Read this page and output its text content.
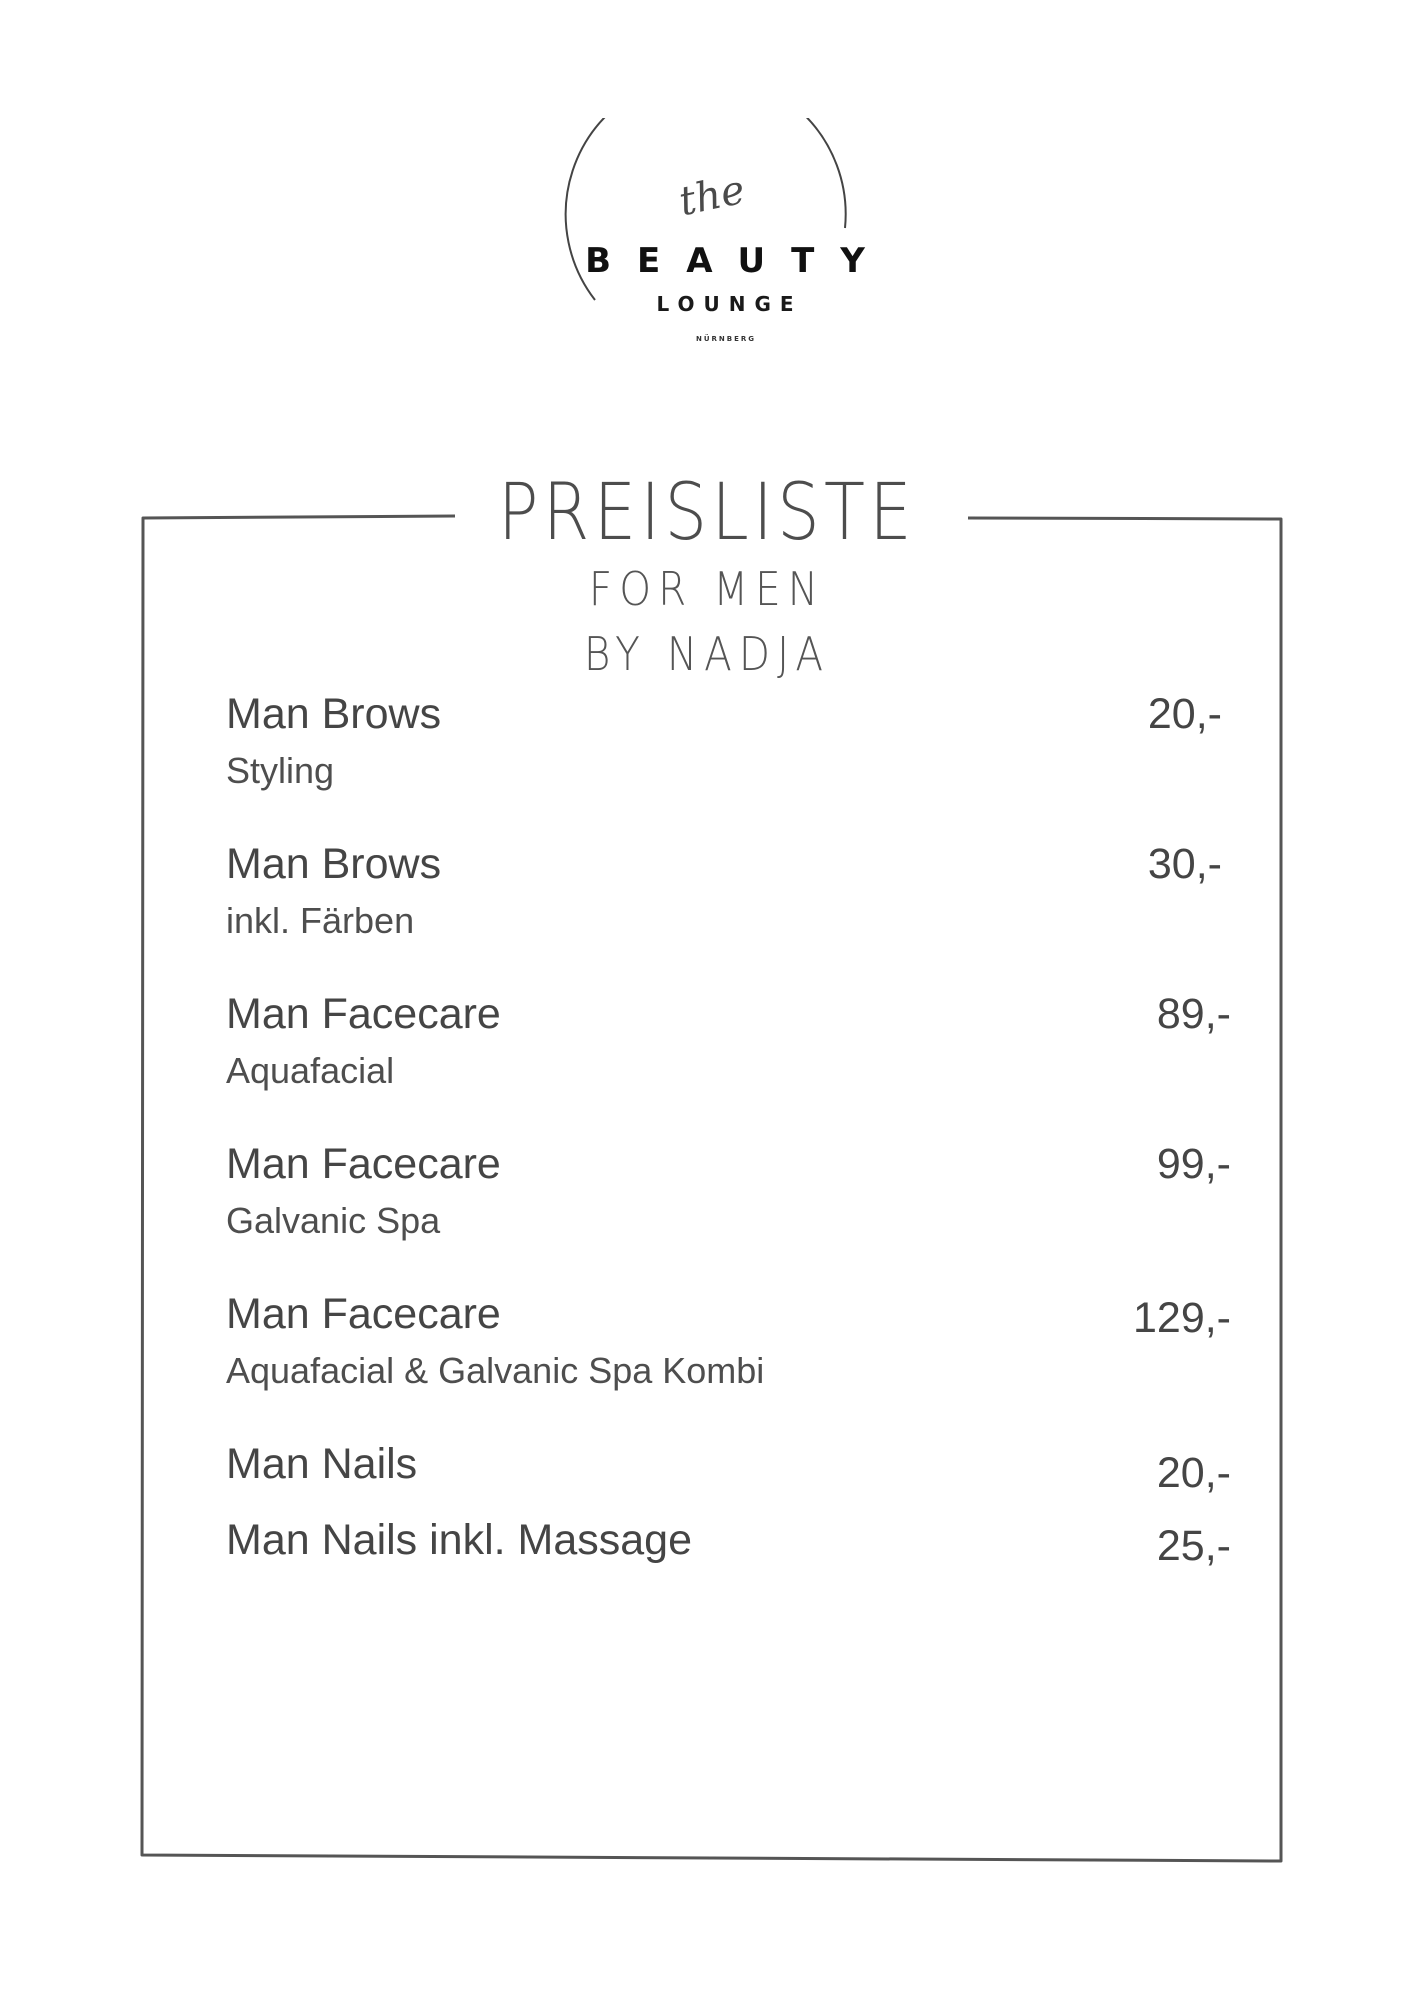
the
BEAUTY
LOUNGE
NÜRNBERG
PREISLISTE
FOR MEN
BY NADJA
Man Brows
Styling
20,-
Man Brows
inkl. Färben
30,-
Man Facecare
Aquafacial
89,-
Man Facecare
Galvanic Spa
99,-
Man Facecare
Aquafacial & Galvanic Spa Kombi
129,-
Man Nails	20,-
Man Nails inkl. Massage	25,-
